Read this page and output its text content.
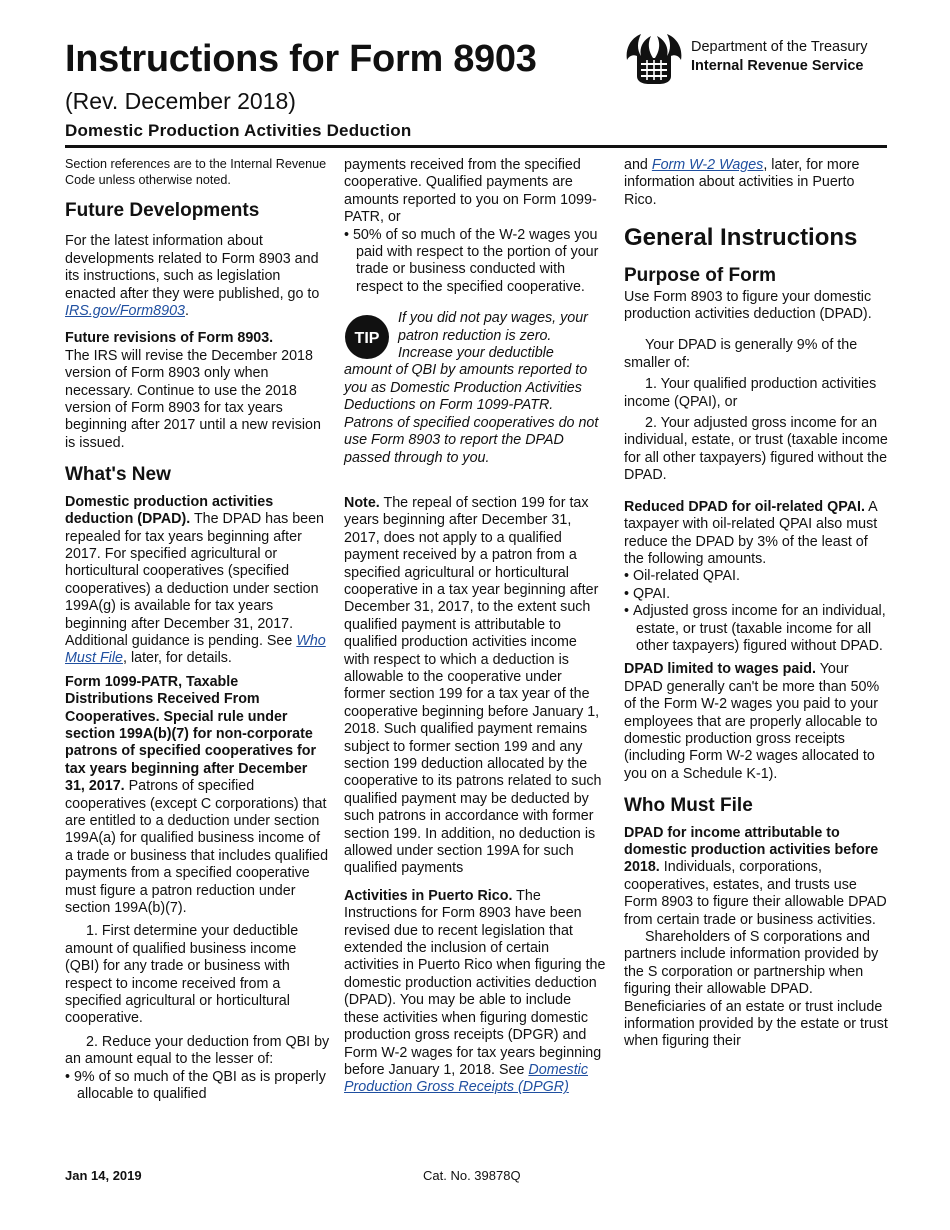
Instructions for Form 8903
(Rev. December 2018)
Domestic Production Activities Deduction
Department of the Treasury
Internal Revenue Service

Section references are to the Internal Revenue Code unless otherwise noted.

Future Developments

For the latest information about developments related to Form 8903 and its instructions, such as legislation enacted after they were published, go to IRS.gov/Form8903.

Future revisions of Form 8903.
The IRS will revise the December 2018 version of Form 8903 only when necessary. Continue to use the 2018 version of Form 8903 for tax years beginning after 2017 until a new revision is issued.

What's New

Domestic production activities deduction (DPAD). The DPAD has been repealed for tax years beginning after 2017. For specified agricultural or horticultural cooperatives (specified cooperatives) a deduction under section 199A(g) is available for tax years beginning after December 31, 2017. Additional guidance is pending. See Who Must File, later, for details.

Form 1099-PATR, Taxable Distributions Received From Cooperatives. Special rule under section 199A(b)(7) for non-corporate patrons of specified cooperatives for tax years beginning after December 31, 2017. Patrons of specified cooperatives (except C corporations) that are entitled to a deduction under section 199A(a) for qualified business income of a trade or business that includes qualified payments from a specified cooperative must figure a patron reduction under section 199A(b)(7).

1. First determine your deductible amount of qualified business income (QBI) for any trade or business with respect to income received from a specified agricultural or horticultural cooperative.

2. Reduce your deduction from QBI by an amount equal to the lesser of:

• 9% of so much of the QBI as is properly allocable to qualified

payments received from the specified cooperative. Qualified payments are amounts reported to you on Form 1099-PATR, or

• 50% of so much of the W-2 wages you paid with respect to the portion of your trade or business conducted with respect to the specified cooperative.

TIP

If you did not pay wages, your patron reduction is zero. Increase your deductible

amount of QBI by amounts reported to you as Domestic Production Activities Deductions on Form 1099-PATR. Patrons of specified cooperatives do not use Form 8903 to report the DPAD passed through to you.

Note. The repeal of section 199 for tax years beginning after December 31, 2017, does not apply to a qualified payment received by a patron from a specified agricultural or horticultural cooperative in a tax year beginning after December 31, 2017, to the extent such qualified payment is attributable to qualified production activities income with respect to which a deduction is allowable to the cooperative under former section 199 for a tax year of the cooperative beginning before January 1, 2018. Such qualified payment remains subject to former section 199 and any section 199 deduction allocated by the cooperative to its patrons related to such qualified payment may be deducted by such patrons in accordance with former section 199. In addition, no deduction is allowed under section 199A for such qualified payments

Activities in Puerto Rico. The Instructions for Form 8903 have been revised due to recent legislation that extended the inclusion of certain activities in Puerto Rico when figuring the domestic production activities deduction (DPAD). You may be able to include these activities when figuring domestic production gross receipts (DPGR) and Form W-2 wages for tax years beginning before January 1, 2018. See Domestic Production Gross Receipts (DPGR)

and Form W-2 Wages, later, for more information about activities in Puerto Rico.

General Instructions
Purpose of Form

Use Form 8903 to figure your domestic production activities deduction (DPAD).

Your DPAD is generally 9% of the smaller of:

1. Your qualified production activities income (QPAI), or

2. Your adjusted gross income for an individual, estate, or trust (taxable income for all other taxpayers) figured without the DPAD.

Reduced DPAD for oil-related QPAI. A taxpayer with oil-related QPAI also must reduce the DPAD by 3% of the least of the following amounts.

• Oil-related QPAI.

• QPAI.

• Adjusted gross income for an individual, estate, or trust (taxable income for all other taxpayers) figured without DPAD.

DPAD limited to wages paid. Your DPAD generally can't be more than 50% of the Form W-2 wages you paid to your employees that are properly allocable to domestic production gross receipts (including Form W-2 wages allocated to you on a Schedule K-1).

Who Must File

DPAD for income attributable to domestic production activities before 2018. Individuals, corporations, cooperatives, estates, and trusts use Form 8903 to figure their allowable DPAD from certain trade or business activities.

Shareholders of S corporations and partners include information provided by the S corporation or partnership when figuring their allowable DPAD. Beneficiaries of an estate or trust include information provided by the estate or trust when figuring their

Jan 14, 2019	Cat. No. 39878Q
